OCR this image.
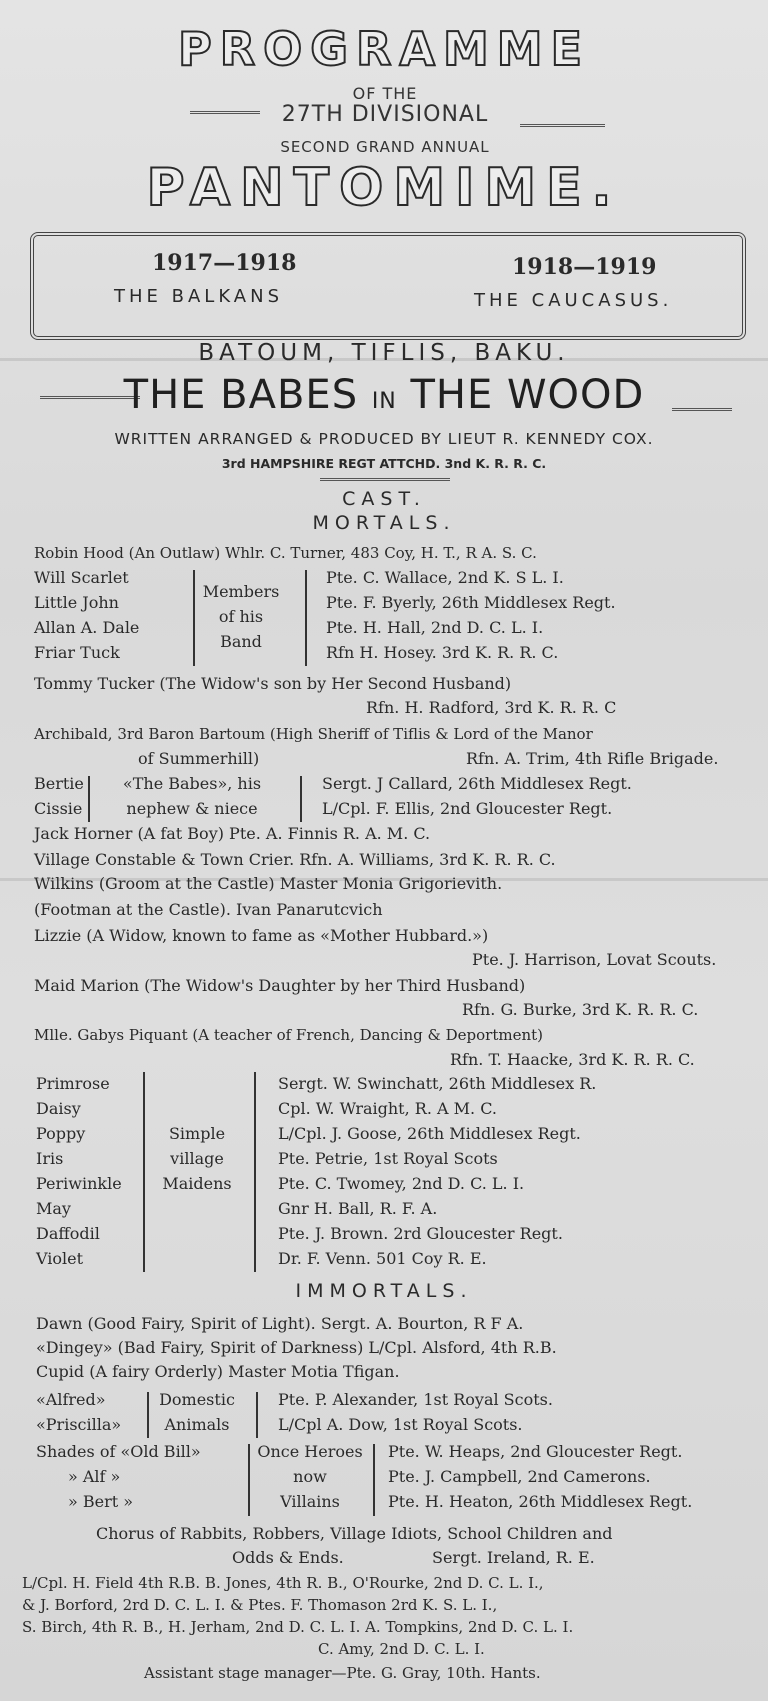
PROGRAMME
OF THE
27TH DIVISIONAL
SECOND GRAND ANNUAL
PANTOMIME.
1917—1918
THE BALKANS
1918—1919
THE CAUCASUS.
BATOUM, TIFLIS, BAKU.
THE BABES IN THE WOOD
WRITTEN ARRANGED & PRODUCED BY LIEUT R. KENNEDY COX.
3rd HAMPSHIRE REGT ATTCHD. 3nd K. R. R. C.
CAST.
MORTALS.
Robin Hood (An Outlaw) Whlr. C. Turner, 483 Coy, H. T., R A. S. C.
Will Scarlet
Little John
Allan A. Dale
Friar Tuck
Members
of his
Band
Pte. C. Wallace, 2nd K. S L. I.
Pte. F. Byerly, 26th Middlesex Regt.
Pte. H. Hall, 2nd D. C. L. I.
Rfn H. Hosey. 3rd K. R. R. C.
Tommy Tucker (The Widow's son by Her Second Husband)
Rfn. H. Radford, 3rd K. R. R. C
Archibald, 3rd Baron Bartoum (High Sheriff of Tiflis & Lord of the Manor
of Summerhill)	Rfn. A. Trim, 4th Rifle Brigade.
Bertie
Cissie
«The Babes», his
nephew & niece
Sergt. J Callard, 26th Middlesex Regt.
L/Cpl. F. Ellis, 2nd Gloucester Regt.
Jack Horner (A fat Boy) Pte. A. Finnis R. A. M. C.
Village Constable & Town Crier. Rfn. A. Williams, 3rd K. R. R. C.
Wilkins (Groom at the Castle) Master Monia Grigorievith.
(Footman at the Castle). Ivan Panarutcvich
Lizzie (A Widow, known to fame as «Mother Hubbard.»)
Pte. J. Harrison, Lovat Scouts.
Maid Marion (The Widow's Daughter by her Third Husband)
Rfn. G. Burke, 3rd K. R. R. C.
Mlle. Gabys Piquant (A teacher of French, Dancing & Deportment)
Rfn. T. Haacke, 3rd K. R. R. C.
Primrose
Daisy
Poppy
Iris
Periwinkle
May
Daffodil
Violet
Simple
village
Maidens
Sergt. W. Swinchatt, 26th Middlesex R.
Cpl. W. Wraight, R. A M. C.
L/Cpl. J. Goose, 26th Middlesex Regt.
Pte. Petrie, 1st Royal Scots
Pte. C. Twomey, 2nd D. C. L. I.
Gnr H. Ball, R. F. A.
Pte. J. Brown. 2rd Gloucester Regt.
Dr. F. Venn. 501 Coy R. E.
IMMORTALS.
Dawn (Good Fairy, Spirit of Light). Sergt. A. Bourton, R F A.
«Dingey» (Bad Fairy, Spirit of Darkness) L/Cpl. Alsford, 4th R.B.
Cupid (A fairy Orderly) Master Motia Tfigan.
«Alfred»
«Priscilla»
Domestic
Animals
Pte. P. Alexander, 1st Royal Scots.
L/Cpl A. Dow, 1st Royal Scots.
Shades of «Old Bill»
» Alf »
» Bert »
Once Heroes
now
Villains
Pte. W. Heaps, 2nd Gloucester Regt.
Pte. J. Campbell, 2nd Camerons.
Pte. H. Heaton, 26th Middlesex Regt.
Chorus of Rabbits, Robbers, Village Idiots, School Children and
Odds & Ends.	Sergt. Ireland, R. E.
L/Cpl. H. Field 4th R.B. B. Jones, 4th R. B., O'Rourke, 2nd D. C. L. I.,
& J. Borford, 2rd D. C. L. I. & Ptes. F. Thomason 2rd K. S. L. I.,
S. Birch, 4th R. B., H. Jerham, 2nd D. C. L. I. A. Tompkins, 2nd D. C. L. I.
C. Amy, 2nd D. C. L. I.
Assistant stage manager—Pte. G. Gray, 10th. Hants.
